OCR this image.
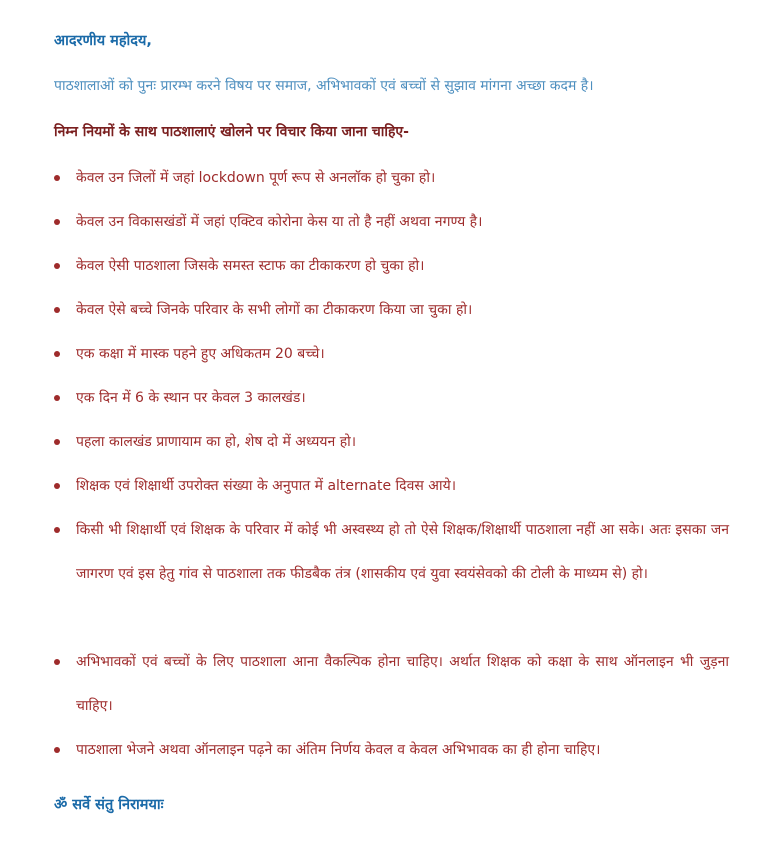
आदरणीय महोदय,
पाठशालाओं को पुनः प्रारम्भ करने विषय पर समाज, अभिभावकों एवं बच्चों से सुझाव मांगना अच्छा कदम है।
निम्न नियमों के साथ पाठशालाएं खोलने पर विचार किया जाना चाहिए-
केवल उन जिलों में जहां lockdown पूर्ण रूप से अनलॉक हो चुका हो।
केवल उन विकासखंडों में जहां एक्टिव कोरोना केस या तो है नहीं अथवा नगण्य है।
केवल ऐसी पाठशाला जिसके समस्त स्टाफ का टीकाकरण हो चुका हो।
केवल ऐसे बच्चे जिनके परिवार के सभी लोगों का टीकाकरण किया जा चुका हो।
एक कक्षा में मास्क पहने हुए अधिकतम 20 बच्चे।
एक दिन में 6 के स्थान पर केवल 3 कालखंड।
पहला कालखंड प्राणायाम का हो, शेष दो में अध्ययन हो।
शिक्षक एवं शिक्षार्थी उपरोक्त संख्या के अनुपात में alternate दिवस आये।
किसी भी शिक्षार्थी एवं शिक्षक के परिवार में कोई भी अस्वस्थ्य हो तो ऐसे शिक्षक/शिक्षार्थी पाठशाला नहीं आ सके। अतः इसका जन जागरण एवं इस हेतु गांव से पाठशाला तक फीडबैक तंत्र (शासकीय एवं युवा स्वयंसेवको की टोली के माध्यम से) हो।
अभिभावकों एवं बच्चों के लिए पाठशाला आना वैकल्पिक होना चाहिए। अर्थात शिक्षक को कक्षा के साथ ऑनलाइन भी जुड़ना चाहिए।
पाठशाला भेजने अथवा ऑनलाइन पढ़ने का अंतिम निर्णय केवल व केवल अभिभावक का ही होना चाहिए।
ॐ सर्वे संतु निरामयाः
